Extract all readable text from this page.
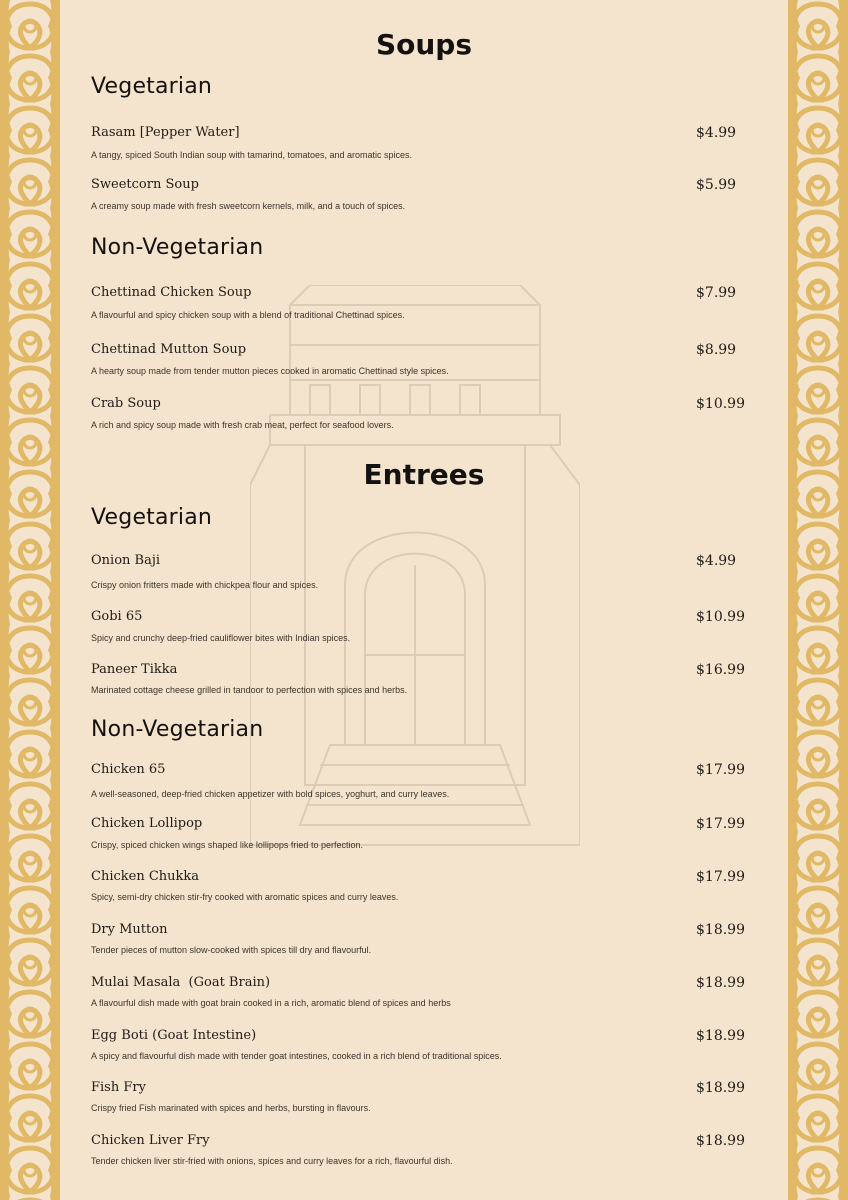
Soups
Vegetarian
Rasam [Pepper Water]	$4.99
A tangy, spiced South Indian soup with tamarind, tomatoes, and aromatic spices.
Sweetcorn Soup	$5.99
A creamy soup made with fresh sweetcorn kernels, milk, and a touch of spices.
Non-Vegetarian
Chettinad Chicken Soup	$7.99
A flavourful and spicy chicken soup with a blend of traditional Chettinad spices.
Chettinad Mutton Soup	$8.99
A hearty soup made from tender mutton pieces cooked in aromatic Chettinad style spices.
Crab Soup	$10.99
A rich and spicy soup made with fresh crab meat, perfect for seafood lovers.
Entrees
Vegetarian
Onion Baji	$4.99
Crispy onion fritters made with chickpea flour and spices.
Gobi 65	$10.99
Spicy and crunchy deep-fried cauliflower bites with Indian spices.
Paneer Tikka	$16.99
Marinated cottage cheese grilled in tandoor to perfection with spices and herbs.
Non-Vegetarian
Chicken 65	$17.99
A well-seasoned, deep-fried chicken appetizer with bold spices, yoghurt, and curry leaves.
Chicken Lollipop	$17.99
Crispy, spiced chicken wings shaped like lollipops fried to perfection.
Chicken Chukka	$17.99
Spicy, semi-dry chicken stir-fry cooked with aromatic spices and curry leaves.
Dry Mutton	$18.99
Tender pieces of mutton slow-cooked with spices till dry and flavourful.
Mulai Masala  (Goat Brain)	$18.99
A flavourful dish made with goat brain cooked in a rich, aromatic blend of spices and herbs
Egg Boti (Goat Intestine)	$18.99
A spicy and flavourful dish made with tender goat intestines, cooked in a rich blend of traditional spices.
Fish Fry	$18.99
Crispy fried Fish marinated with spices and herbs, bursting in flavours.
Chicken Liver Fry	$18.99
Tender chicken liver stir-fried with onions, spices and curry leaves for a rich, flavourful dish.
